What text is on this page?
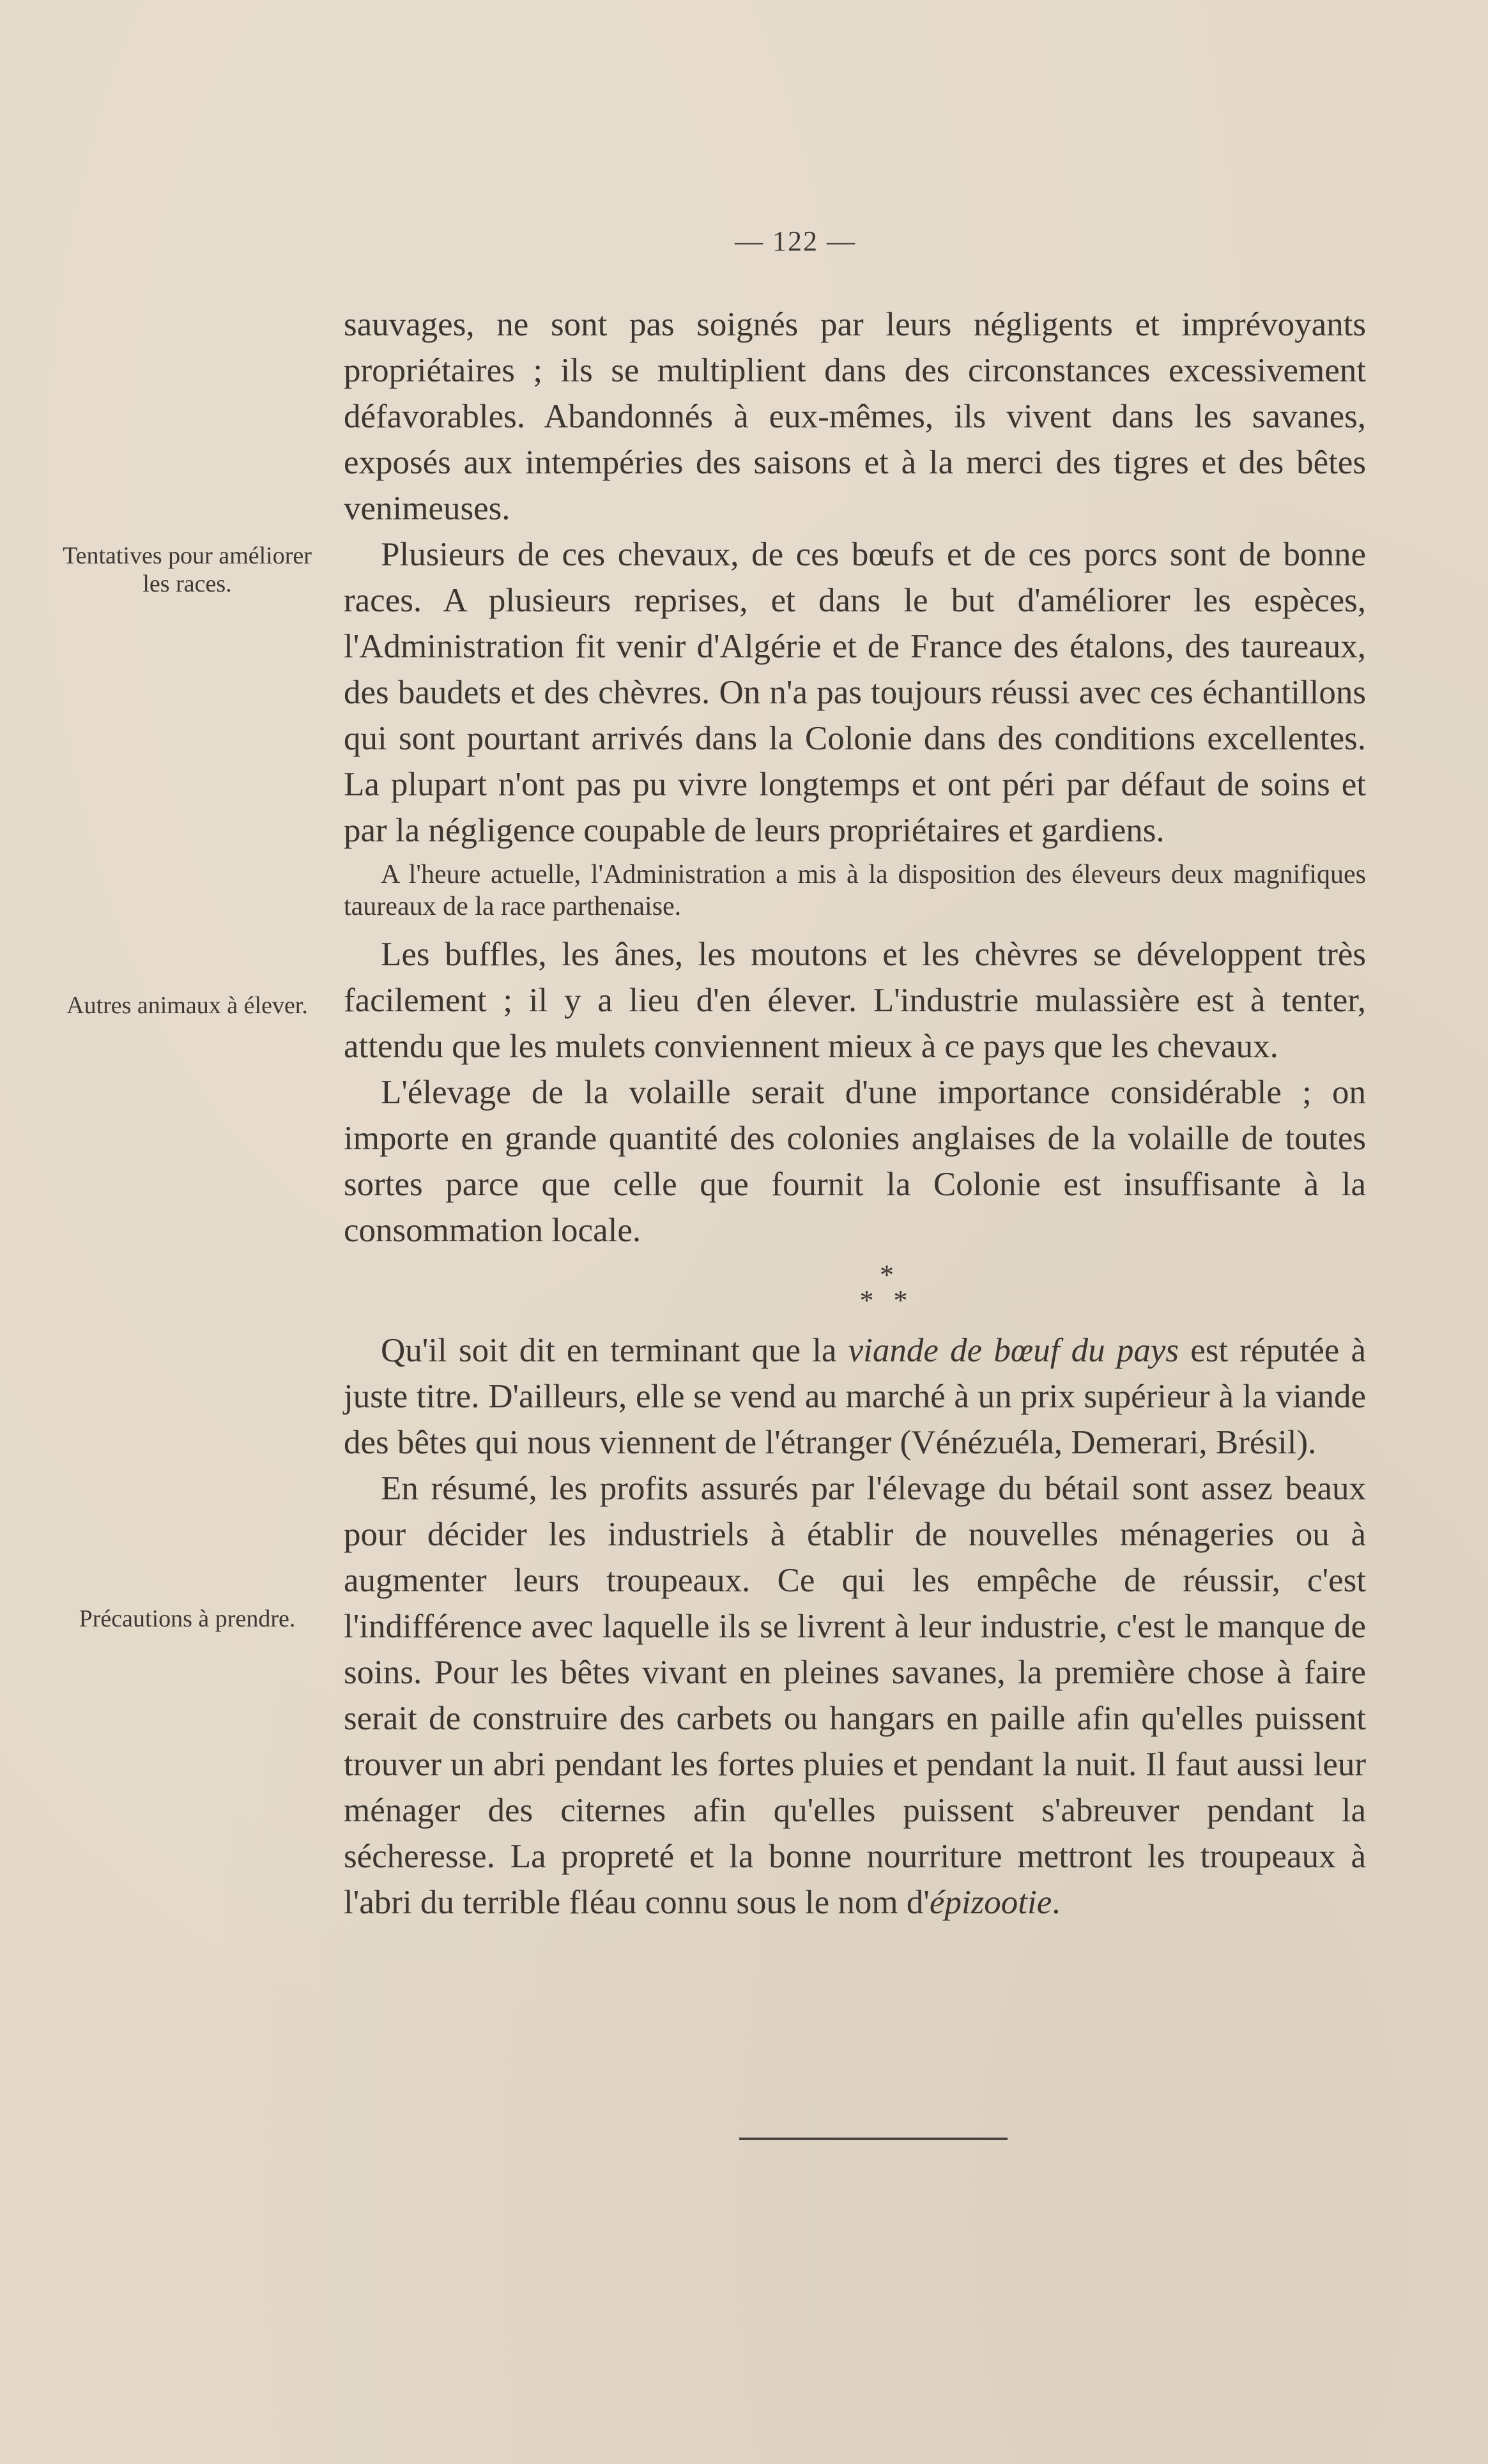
— 122 —
Tentatives pour améliorer les races.
Autres animaux à élever.
Précautions à prendre.

sauvages, ne sont pas soignés par leurs négligents et imprévoyants propriétaires ; ils se multiplient dans des circonstances excessivement défavorables. Abandonnés à eux-mêmes, ils vivent dans les savanes, exposés aux intempéries des saisons et à la merci des tigres et des bêtes venimeuses.

Plusieurs de ces chevaux, de ces bœufs et de ces porcs sont de bonne races. A plusieurs reprises, et dans le but d'améliorer les espèces, l'Administration fit venir d'Algérie et de France des étalons, des taureaux, des baudets et des chèvres. On n'a pas toujours réussi avec ces échantillons qui sont pourtant arrivés dans la Colonie dans des conditions excellentes. La plupart n'ont pas pu vivre longtemps et ont péri par défaut de soins et par la négligence coupable de leurs propriétaires et gardiens.

A l'heure actuelle, l'Administration a mis à la disposition des éleveurs deux magnifiques taureaux de la race parthenaise.

Les buffles, les ânes, les moutons et les chèvres se développent très facilement ; il y a lieu d'en élever. L'industrie mulassière est à tenter, attendu que les mulets conviennent mieux à ce pays que les chevaux.

L'élevage de la volaille serait d'une importance considérable ; on importe en grande quantité des colonies anglaises de la volaille de toutes sortes parce que celle que fournit la Colonie est insuffisante à la consommation locale.

*
* *

Qu'il soit dit en terminant que la viande de bœuf du pays est réputée à juste titre. D'ailleurs, elle se vend au marché à un prix supérieur à la viande des bêtes qui nous viennent de l'étranger (Vénézuéla, Demerari, Brésil).

En résumé, les profits assurés par l'élevage du bétail sont assez beaux pour décider les industriels à établir de nouvelles ménageries ou à augmenter leurs troupeaux. Ce qui les empêche de réussir, c'est l'indifférence avec laquelle ils se livrent à leur industrie, c'est le manque de soins. Pour les bêtes vivant en pleines savanes, la première chose à faire serait de construire des carbets ou hangars en paille afin qu'elles puissent trouver un abri pendant les fortes pluies et pendant la nuit. Il faut aussi leur ménager des citernes afin qu'elles puissent s'abreuver pendant la sécheresse. La propreté et la bonne nourriture mettront les troupeaux à l'abri du terrible fléau connu sous le nom d'épizootie.
